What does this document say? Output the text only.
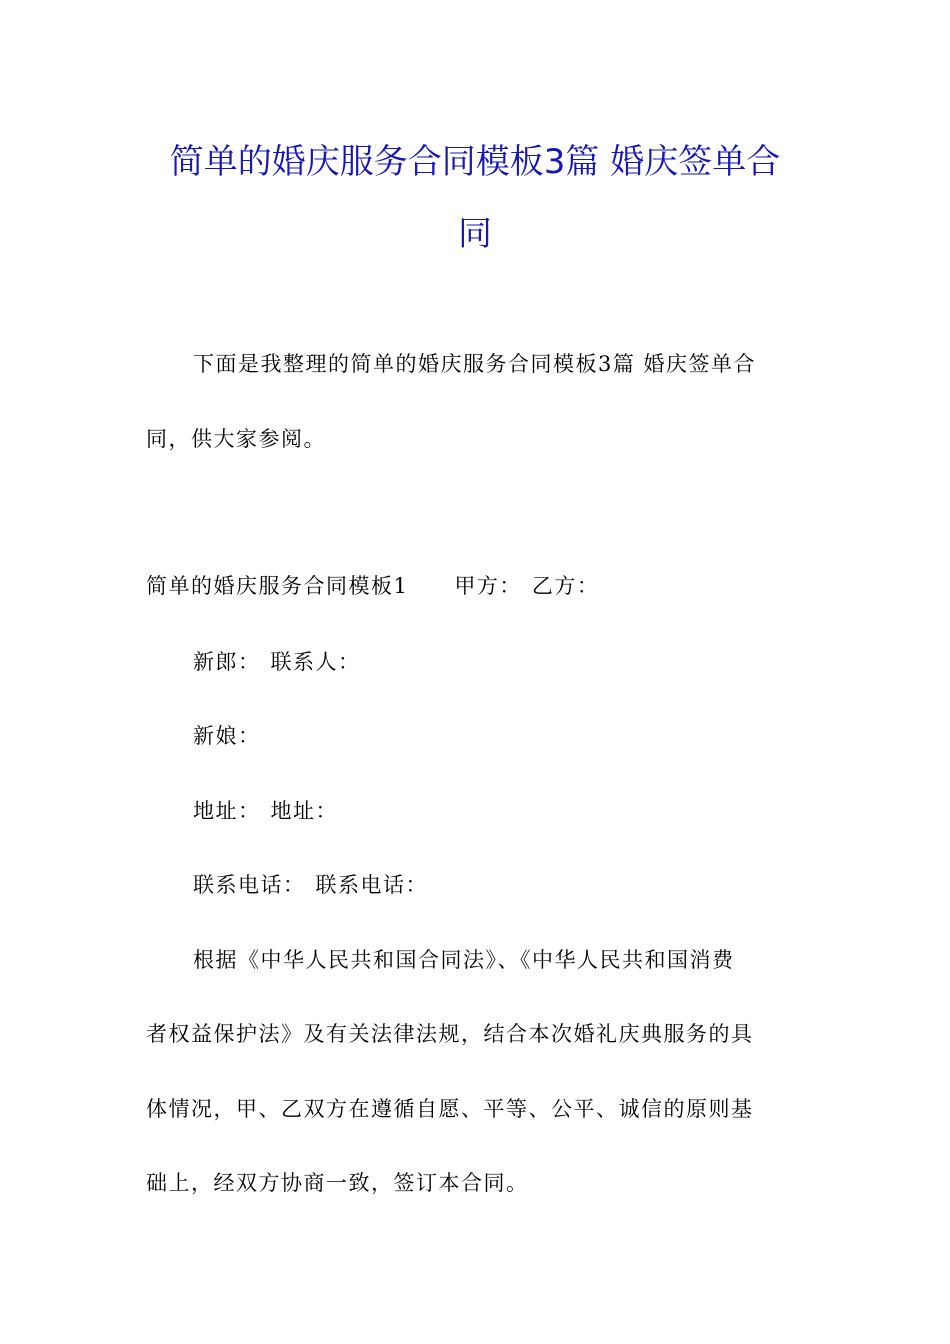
简单的婚庆服务合同模板3篇 婚庆签单合
同

下面是我整理的简单的婚庆服务合同模板3篇 婚庆签单合

同，供大家参阅。

简单的婚庆服务合同模板1 甲方： 乙方：

新郎： 联系人：

新娘：

地址： 地址：

联系电话： 联系电话：

根据《中华人民共和国合同法》、《中华人民共和国消费

者权益保护法》及有关法律法规，结合本次婚礼庆典服务的具

体情况，甲、乙双方在遵循自愿、平等、公平、诚信的原则基

础上，经双方协商一致，签订本合同。
